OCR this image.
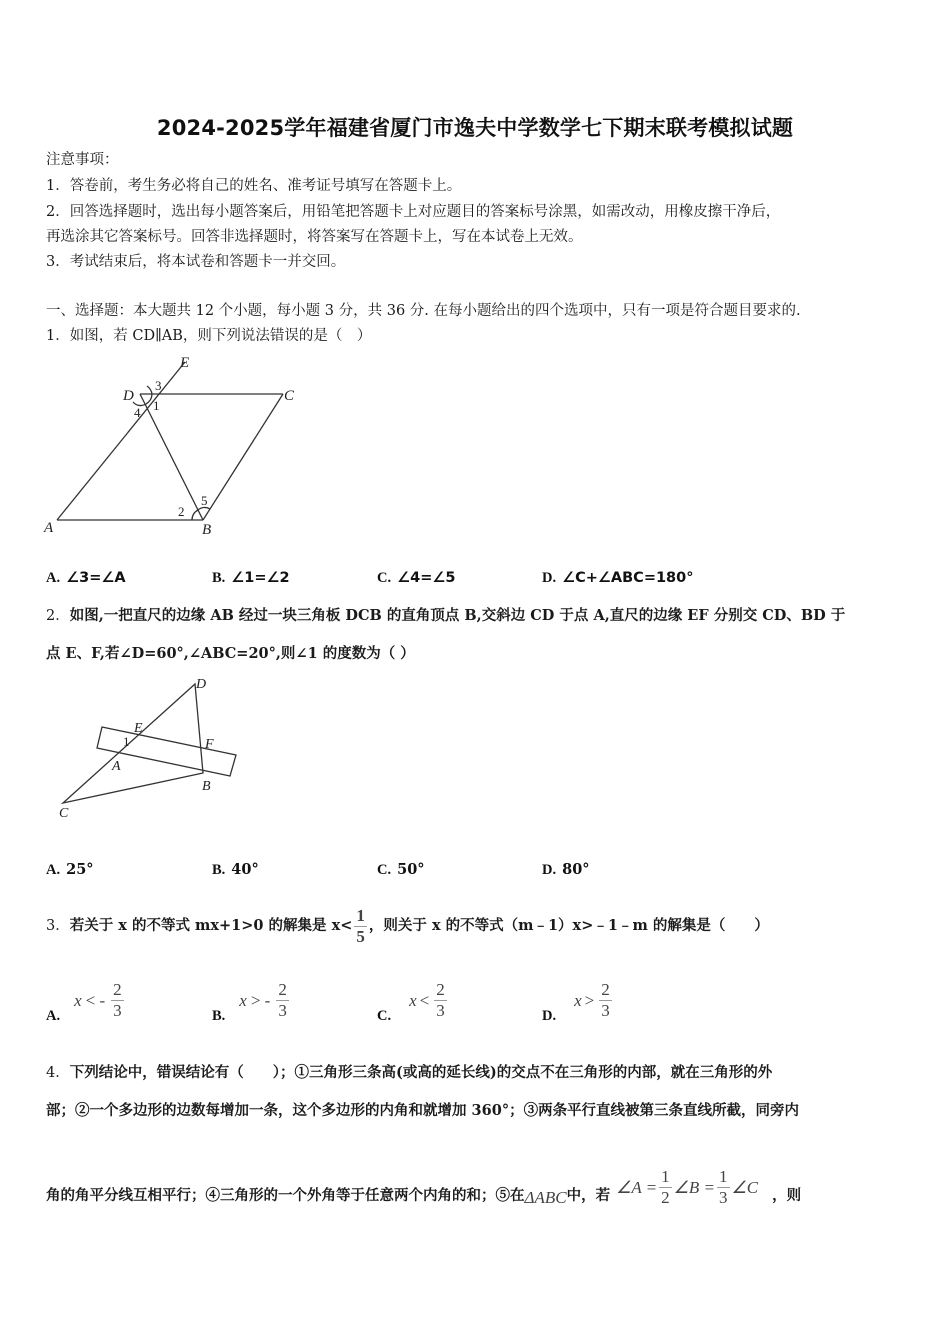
2024-2025学年福建省厦门市逸夫中学数学七下期末联考模拟试题
注意事项：
1．答卷前，考生务必将自己的姓名、准考证号填写在答题卡上。
2．回答选择题时，选出每小题答案后，用铅笔把答题卡上对应题目的答案标号涂黑，如需改动，用橡皮擦干净后，
再选涂其它答案标号。回答非选择题时，将答案写在答题卡上，写在本试卷上无效。
3．考试结束后，将本试卷和答题卡一并交回。
一、选择题：本大题共 12 个小题，每小题 3 分，共 36 分. 在每小题给出的四个选项中，只有一项是符合题目要求的.
1．如图，若 CD∥AB，则下列说法错误的是（　）
E
D	C
A	B
3
1
4
2
5
A. ∠3=∠A	B. ∠1=∠2	C. ∠4=∠5	D. ∠C+∠ABC=180°
2．如图,一把直尺的边缘 AB 经过一块三角板 DCB 的直角顶点 B,交斜边 CD 于点 A,直尺的边缘 EF 分别交 CD、BD 于
点 E、F,若∠D=60°,∠ABC=20°,则∠1 的度数为（ ）
D
E
F
A
B
C
1
A. 25°	B. 40°	C. 50°	D. 80°
3． 若关于 x 的不等式 mx+1>0 的解集是 $x< \frac{1}{5}$ ，则关于 x 的不等式（m﹣1）x>﹣1﹣m 的解集是（　　）
A.
x < - $\frac{2}{3}$	B.
x > - $\frac{2}{3}$	C.
$x < \frac{2}{3}$	D.
$x > \frac{2}{3}$
4．下列结论中，错误结论有（　　）；①三角形三条高(或高的延长线)的交点不在三角形的内部，就在三角形的外
部；②一个多边形的边数每增加一条，这个多边形的内角和就增加 360°；③两条平行直线被第三条直线所截，同旁内
角的角平分线互相平行；④三角形的一个外角等于任意两个内角的和；⑤在 ΔABC 中，若 ∠A = $\frac{1}{2}$ ∠B = $\frac{1}{3}$ ∠C ，则
